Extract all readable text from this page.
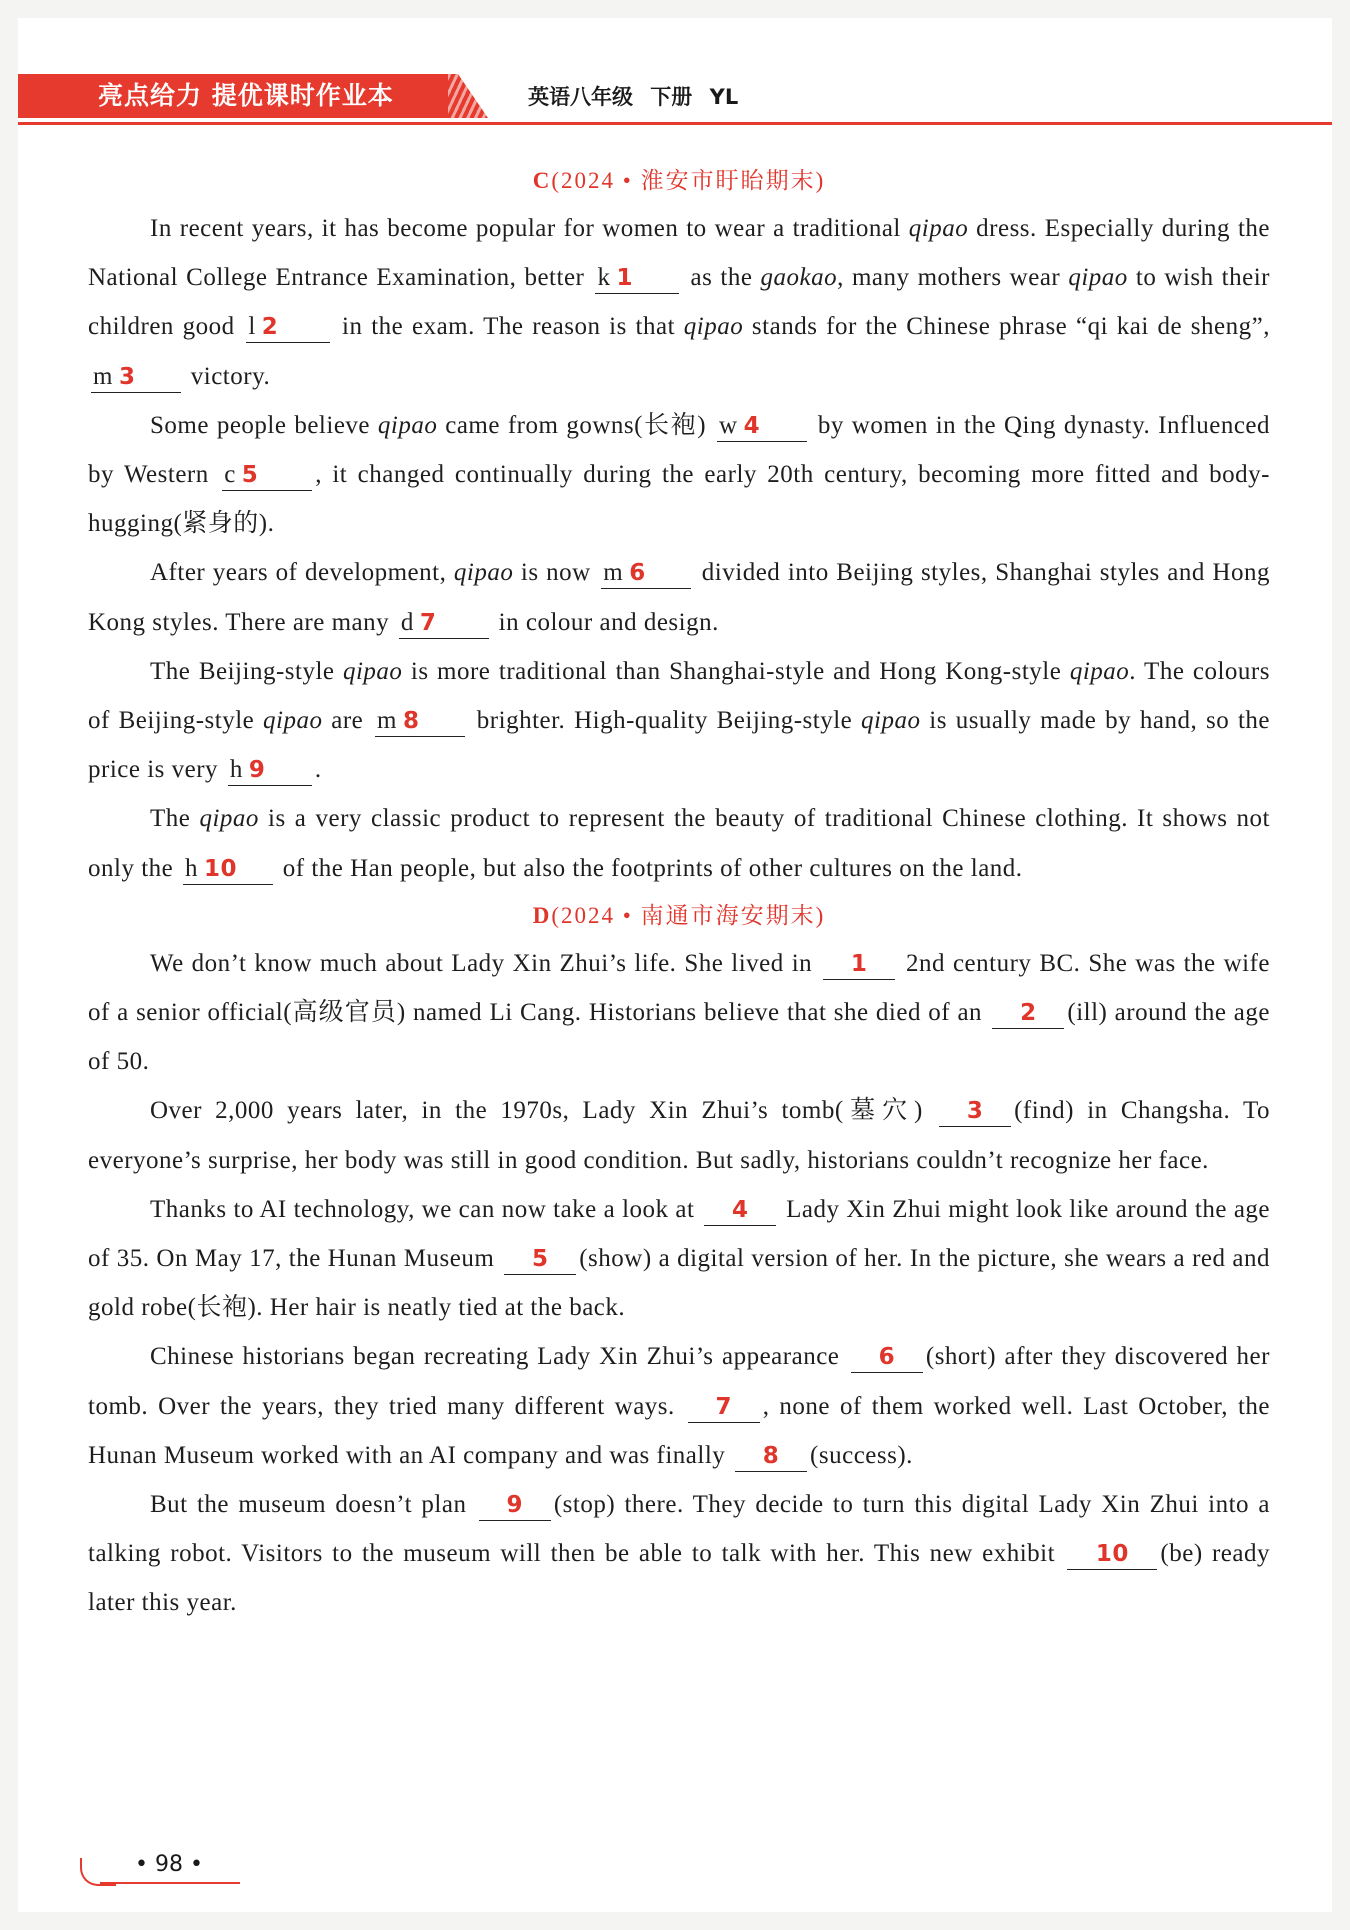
亮点给力 提优课时作业本	英语八年级 下册 YL
C(2024 • 淮安市盱眙期末)

In recent years, it has become popular for women to wear a traditional qipao dress. Especially during the National College Entrance Examination, better k 1 as the gaokao, many mothers wear qipao to wish their children good l 2 in the exam. The reason is that qipao stands for the Chinese phrase “qi kai de sheng”, m 3 victory.

Some people believe qipao came from gowns(长袍) w 4 by women in the Qing dynasty. Influenced by Western c 5 , it changed continually during the early 20th century, becoming more fitted and body-hugging(紧身的).

After years of development, qipao is now m 6 divided into Beijing styles, Shanghai styles and Hong Kong styles. There are many d 7 in colour and design.

The Beijing-style qipao is more traditional than Shanghai-style and Hong Kong-style qipao. The colours of Beijing-style qipao are m 8 brighter. High-quality Beijing-style qipao is usually made by hand, so the price is very h 9 .

The qipao is a very classic product to represent the beauty of traditional Chinese clothing. It shows not only the h 10 of the Han people, but also the footprints of other cultures on the land.

D(2024 • 南通市海安期末)

We don’t know much about Lady Xin Zhui’s life. She lived in 1 2nd century BC. She was the wife of a senior official(高级官员) named Li Cang. Historians believe that she died of an 2 (ill) around the age of 50.

Over 2,000 years later, in the 1970s, Lady Xin Zhui’s tomb(墓穴) 3 (find) in Changsha. To everyone’s surprise, her body was still in good condition. But sadly, historians couldn’t recognize her face.

Thanks to AI technology, we can now take a look at 4 Lady Xin Zhui might look like around the age of 35. On May 17, the Hunan Museum 5 (show) a digital version of her. In the picture, she wears a red and gold robe(长袍). Her hair is neatly tied at the back.

Chinese historians began recreating Lady Xin Zhui’s appearance 6 (short) after they discovered her tomb. Over the years, they tried many different ways. 7 , none of them worked well. Last October, the Hunan Museum worked with an AI company and was finally 8 (success).

But the museum doesn’t plan 9 (stop) there. They decide to turn this digital Lady Xin Zhui into a talking robot. Visitors to the museum will then be able to talk with her. This new exhibit 10 (be) ready later this year.

• 98 •
